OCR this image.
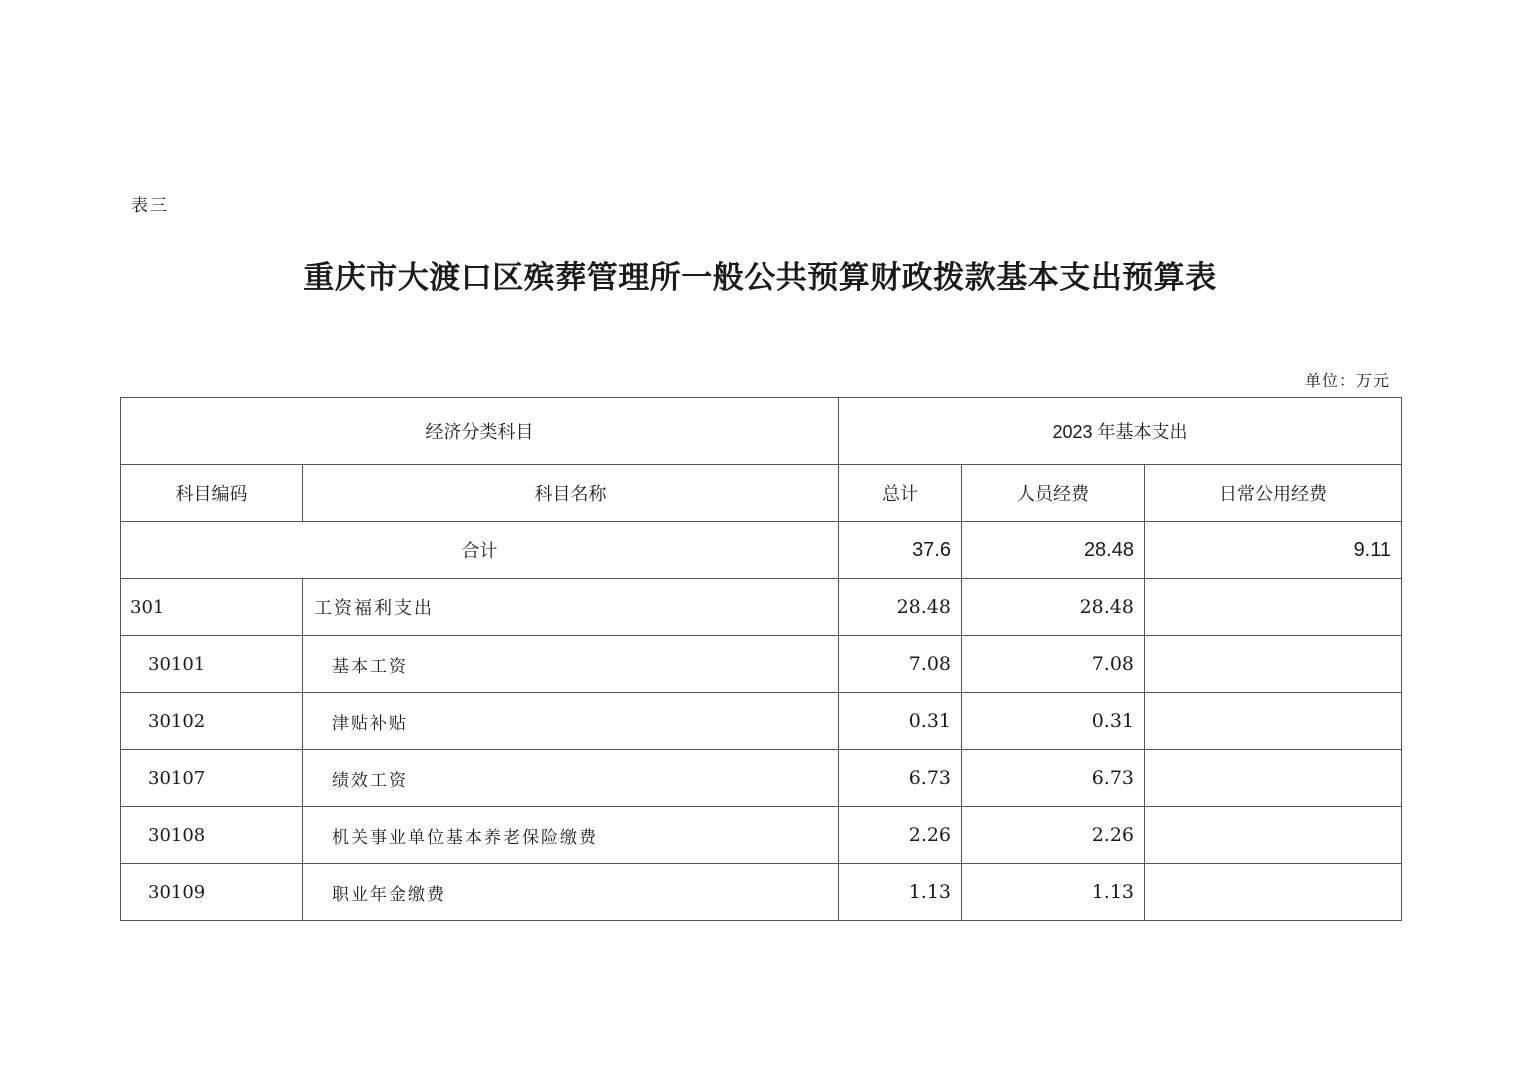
表三
重庆市大渡口区殡葬管理所一般公共预算财政拨款基本支出预算表
单位：万元
经济分类科目		2023 年基本支出		
科目编码	科目名称	总计	人员经费	日常公用经费
合计		37.6	28.48	9.11
301	工资福利支出	28.48	28.48	
30101	基本工资	7.08	7.08	
30102	津贴补贴	0.31	0.31	
30107	绩效工资	6.73	6.73	
30108	机关事业单位基本养老保险缴费	2.26	2.26	
30109	职业年金缴费	1.13	1.13	
